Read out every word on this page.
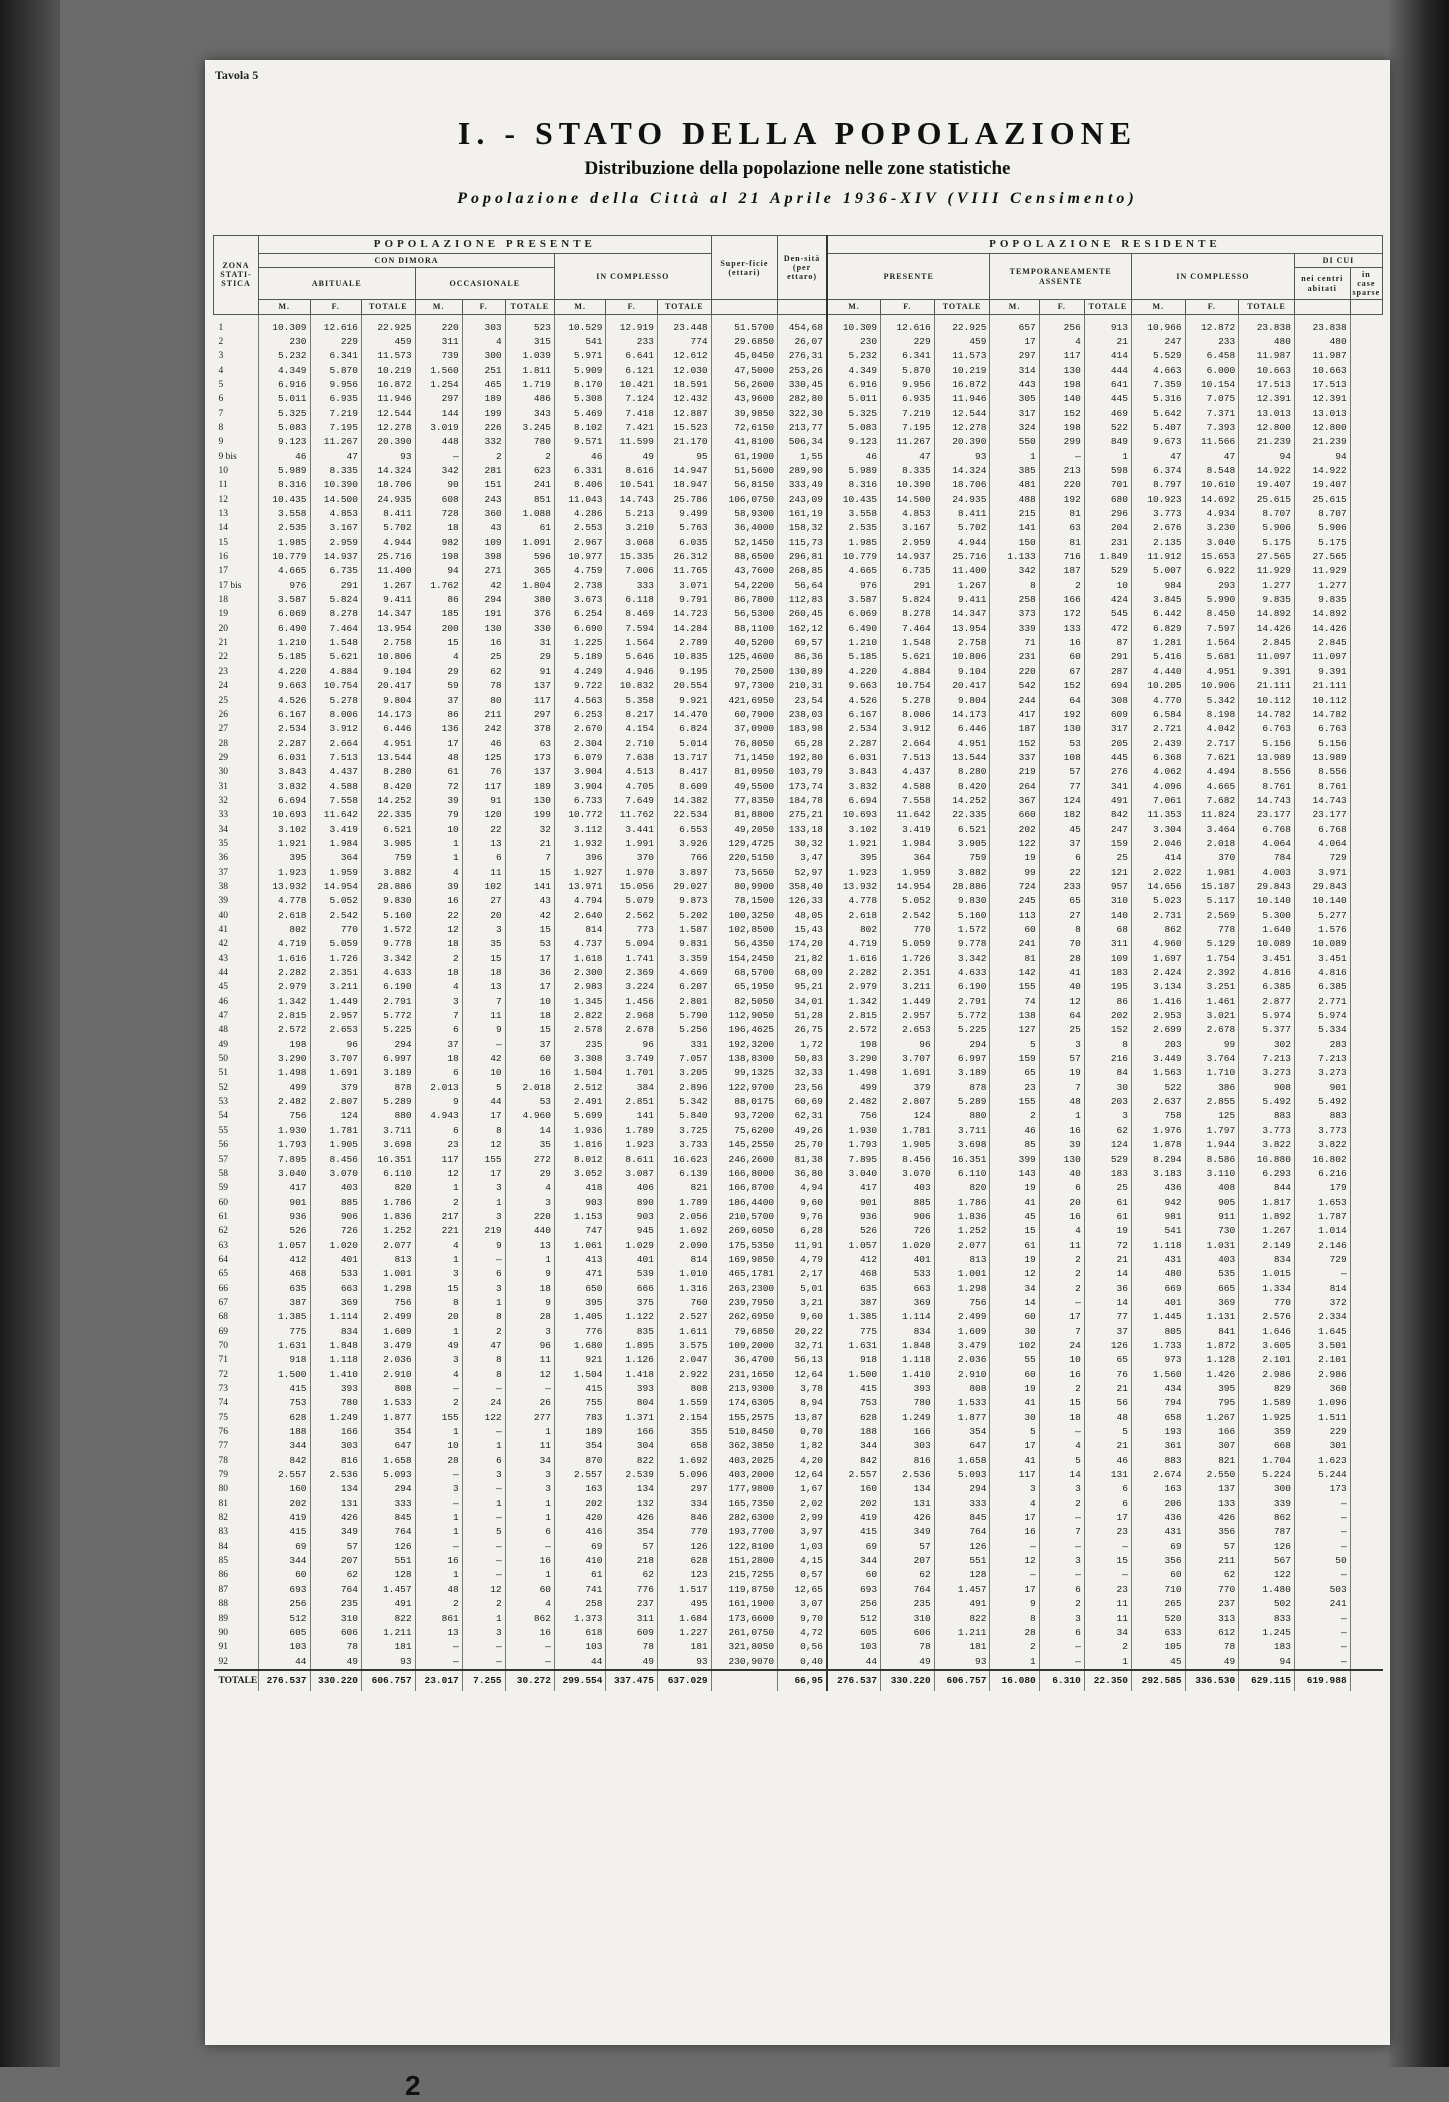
Tavola 5
I. - STATO DELLA POPOLAZIONE
Distribuzione della popolazione nelle zone statistiche
Popolazione della Città al 21 Aprile 1936-XIV (VIII Censimento)
ZONA STATI-STICA	POPOLAZIONE PRESENTE									Super-ficie (ettari)	Den-sità (per ettaro)	POPOLAZIONE RESIDENTE										
	CON DIMORA						IN COMPLESSO					PRESENTE			TEMPORANEAMENTE ASSENTE			IN COMPLESSO			DI CUI	
	ABITUALE			OCCASIONALE																	nei centri abitati	in case sparse
	M.	F.	TOTALE	M.	F.	TOTALE	M.	F.	TOTALE			M.	F.	TOTALE	M.	F.	TOTALE	M.	F.	TOTALE		
1	10.309	12.616	22.925	220	303	523	10.529	12.919	23.448	51.5700	454,68	10.309	12.616	22.925	657	256	913	10.966	12.872	23.838	23.838	
2	230	229	459	311	4	315	541	233	774	29.6850	26,07	230	229	459	17	4	21	247	233	480	480	
3	5.232	6.341	11.573	739	300	1.039	5.971	6.641	12.612	45,0450	276,31	5.232	6.341	11.573	297	117	414	5.529	6.458	11.987	11.987	
4	4.349	5.870	10.219	1.560	251	1.811	5.909	6.121	12.030	47,5000	253,26	4.349	5.870	10.219	314	130	444	4.663	6.000	10.663	10.663	
5	6.916	9.956	16.872	1.254	465	1.719	8.170	10.421	18.591	56,2600	330,45	6.916	9.956	16.872	443	198	641	7.359	10.154	17.513	17.513	
6	5.011	6.935	11.946	297	189	486	5.308	7.124	12.432	43,9600	282,80	5.011	6.935	11.946	305	140	445	5.316	7.075	12.391	12.391	
7	5.325	7.219	12.544	144	199	343	5.469	7.418	12.887	39,9850	322,30	5.325	7.219	12.544	317	152	469	5.642	7.371	13.013	13.013	
8	5.083	7.195	12.278	3.019	226	3.245	8.102	7.421	15.523	72,6150	213,77	5.083	7.195	12.278	324	198	522	5.407	7.393	12.800	12.800	
9	9.123	11.267	20.390	448	332	780	9.571	11.599	21.170	41,8100	506,34	9.123	11.267	20.390	550	299	849	9.673	11.566	21.239	21.239	
9 bis	46	47	93	—	2	2	46	49	95	61,1900	1,55	46	47	93	1	—	1	47	47	94	94	
10	5.989	8.335	14.324	342	281	623	6.331	8.616	14.947	51,5600	289,90	5.989	8.335	14.324	385	213	598	6.374	8.548	14.922	14.922	
11	8.316	10.390	18.706	90	151	241	8.406	10.541	18.947	56,8150	333,49	8.316	10.390	18.706	481	220	701	8.797	10.610	19.407	19.407	
12	10.435	14.500	24.935	608	243	851	11.043	14.743	25.786	106,0750	243,09	10.435	14.500	24.935	488	192	680	10.923	14.692	25.615	25.615	
13	3.558	4.853	8.411	728	360	1.088	4.286	5.213	9.499	58,9300	161,19	3.558	4.853	8.411	215	81	296	3.773	4.934	8.707	8.707	
14	2.535	3.167	5.702	18	43	61	2.553	3.210	5.763	36,4000	158,32	2.535	3.167	5.702	141	63	204	2.676	3.230	5.906	5.906	
15	1.985	2.959	4.944	982	109	1.091	2.967	3.068	6.035	52,1450	115,73	1.985	2.959	4.944	150	81	231	2.135	3.040	5.175	5.175	
16	10.779	14.937	25.716	198	398	596	10.977	15.335	26.312	88,6500	296,81	10.779	14.937	25.716	1.133	716	1.849	11.912	15.653	27.565	27.565	
17	4.665	6.735	11.400	94	271	365	4.759	7.006	11.765	43,7600	268,85	4.665	6.735	11.400	342	187	529	5.007	6.922	11.929	11.929	
17 bis	976	291	1.267	1.762	42	1.804	2.738	333	3.071	54,2200	56,64	976	291	1.267	8	2	10	984	293	1.277	1.277	
18	3.587	5.824	9.411	86	294	380	3.673	6.118	9.791	86,7800	112,83	3.587	5.824	9.411	258	166	424	3.845	5.990	9.835	9.835	
19	6.069	8.278	14.347	185	191	376	6.254	8.469	14.723	56,5300	260,45	6.069	8.278	14.347	373	172	545	6.442	8.450	14.892	14.892	
20	6.490	7.464	13.954	200	130	330	6.690	7.594	14.284	88,1100	162,12	6.490	7.464	13.954	339	133	472	6.829	7.597	14.426	14.426	
21	1.210	1.548	2.758	15	16	31	1.225	1.564	2.789	40,5200	69,57	1.210	1.548	2.758	71	16	87	1.281	1.564	2.845	2.845	
22	5.185	5.621	10.806	4	25	29	5.189	5.646	10.835	125,4600	86,36	5.185	5.621	10.806	231	60	291	5.416	5.681	11.097	11.097	
23	4.220	4.884	9.104	29	62	91	4.249	4.946	9.195	70,2500	130,89	4.220	4.884	9.104	220	67	287	4.440	4.951	9.391	9.391	
24	9.663	10.754	20.417	59	78	137	9.722	10.832	20.554	97,7300	210,31	9.663	10.754	20.417	542	152	694	10.205	10.906	21.111	21.111	
25	4.526	5.278	9.804	37	80	117	4.563	5.358	9.921	421,6950	23,54	4.526	5.278	9.804	244	64	308	4.770	5.342	10.112	10.112	
26	6.167	8.006	14.173	86	211	297	6.253	8.217	14.470	60,7900	238,03	6.167	8.006	14.173	417	192	609	6.584	8.198	14.782	14.782	
27	2.534	3.912	6.446	136	242	378	2.670	4.154	6.824	37,0900	183,98	2.534	3.912	6.446	187	130	317	2.721	4.042	6.763	6.763	
28	2.287	2.664	4.951	17	46	63	2.304	2.710	5.014	76,8050	65,28	2.287	2.664	4.951	152	53	205	2.439	2.717	5.156	5.156	
29	6.031	7.513	13.544	48	125	173	6.079	7.638	13.717	71,1450	192,80	6.031	7.513	13.544	337	108	445	6.368	7.621	13.989	13.989	
30	3.843	4.437	8.280	61	76	137	3.904	4.513	8.417	81,0950	103,79	3.843	4.437	8.280	219	57	276	4.062	4.494	8.556	8.556	
31	3.832	4.588	8.420	72	117	189	3.904	4.705	8.609	49,5500	173,74	3.832	4.588	8.420	264	77	341	4.096	4.665	8.761	8.761	
32	6.694	7.558	14.252	39	91	130	6.733	7.649	14.382	77,8350	184,78	6.694	7.558	14.252	367	124	491	7.061	7.682	14.743	14.743	
33	10.693	11.642	22.335	79	120	199	10.772	11.762	22.534	81,8800	275,21	10.693	11.642	22.335	660	182	842	11.353	11.824	23.177	23.177	
34	3.102	3.419	6.521	10	22	32	3.112	3.441	6.553	49,2050	133,18	3.102	3.419	6.521	202	45	247	3.304	3.464	6.768	6.768	
35	1.921	1.984	3.905	1	13	21	1.932	1.991	3.926	129,4725	30,32	1.921	1.984	3.905	122	37	159	2.046	2.018	4.064	4.064	
36	395	364	759	1	6	7	396	370	766	220,5150	3,47	395	364	759	19	6	25	414	370	784	729	
37	1.923	1.959	3.882	4	11	15	1.927	1.970	3.897	73,5650	52,97	1.923	1.959	3.882	99	22	121	2.022	1.981	4.003	3.971	
38	13.932	14.954	28.886	39	102	141	13.971	15.056	29.027	80,9900	358,40	13.932	14.954	28.886	724	233	957	14.656	15.187	29.843	29.843	
39	4.778	5.052	9.830	16	27	43	4.794	5.079	9.873	78,1500	126,33	4.778	5.052	9.830	245	65	310	5.023	5.117	10.140	10.140	
40	2.618	2.542	5.160	22	20	42	2.640	2.562	5.202	100,3250	48,05	2.618	2.542	5.160	113	27	140	2.731	2.569	5.300	5.277	
41	802	770	1.572	12	3	15	814	773	1.587	102,8500	15,43	802	770	1.572	60	8	68	862	778	1.640	1.576	
42	4.719	5.059	9.778	18	35	53	4.737	5.094	9.831	56,4350	174,20	4.719	5.059	9.778	241	70	311	4.960	5.129	10.089	10.089	
43	1.616	1.726	3.342	2	15	17	1.618	1.741	3.359	154,2450	21,82	1.616	1.726	3.342	81	28	109	1.697	1.754	3.451	3.451	
44	2.282	2.351	4.633	18	18	36	2.300	2.369	4.669	68,5700	68,09	2.282	2.351	4.633	142	41	183	2.424	2.392	4.816	4.816	
45	2.979	3.211	6.190	4	13	17	2.983	3.224	6.207	65,1950	95,21	2.979	3.211	6.190	155	40	195	3.134	3.251	6.385	6.385	
46	1.342	1.449	2.791	3	7	10	1.345	1.456	2.801	82,5050	34,01	1.342	1.449	2.791	74	12	86	1.416	1.461	2.877	2.771	
47	2.815	2.957	5.772	7	11	18	2.822	2.968	5.790	112,9050	51,28	2.815	2.957	5.772	138	64	202	2.953	3.021	5.974	5.974	
48	2.572	2.653	5.225	6	9	15	2.578	2.678	5.256	196,4625	26,75	2.572	2.653	5.225	127	25	152	2.699	2.678	5.377	5.334	
49	198	96	294	37	—	37	235	96	331	192,3200	1,72	198	96	294	5	3	8	203	99	302	283	
50	3.290	3.707	6.997	18	42	60	3.308	3.749	7.057	138,8300	50,83	3.290	3.707	6.997	159	57	216	3.449	3.764	7.213	7.213	
51	1.498	1.691	3.189	6	10	16	1.504	1.701	3.205	99,1325	32,33	1.498	1.691	3.189	65	19	84	1.563	1.710	3.273	3.273	
52	499	379	878	2.013	5	2.018	2.512	384	2.896	122,9700	23,56	499	379	878	23	7	30	522	386	908	901	
53	2.482	2.807	5.289	9	44	53	2.491	2.851	5.342	88,0175	60,69	2.482	2.807	5.289	155	48	203	2.637	2.855	5.492	5.492	
54	756	124	880	4.943	17	4.960	5.699	141	5.840	93,7200	62,31	756	124	880	2	1	3	758	125	883	883	
55	1.930	1.781	3.711	6	8	14	1.936	1.789	3.725	75,6200	49,26	1.930	1.781	3.711	46	16	62	1.976	1.797	3.773	3.773	
56	1.793	1.905	3.698	23	12	35	1.816	1.923	3.733	145,2550	25,70	1.793	1.905	3.698	85	39	124	1.878	1.944	3.822	3.822	
57	7.895	8.456	16.351	117	155	272	8.012	8.611	16.623	246,2600	81,38	7.895	8.456	16.351	399	130	529	8.294	8.586	16.880	16.802	
58	3.040	3.070	6.110	12	17	29	3.052	3.087	6.139	166,8000	36,80	3.040	3.070	6.110	143	40	183	3.183	3.110	6.293	6.216	
59	417	403	820	1	3	4	418	406	821	166,8700	4,94	417	403	820	19	6	25	436	408	844	179	
60	901	885	1.786	2	1	3	903	890	1.789	186,4400	9,60	901	885	1.786	41	20	61	942	905	1.817	1.653	
61	936	906	1.836	217	3	220	1.153	903	2.056	210,5700	9,76	936	906	1.836	45	16	61	981	911	1.892	1.787	
62	526	726	1.252	221	219	440	747	945	1.692	269,6050	6,28	526	726	1.252	15	4	19	541	730	1.267	1.014	
63	1.057	1.020	2.077	4	9	13	1.061	1.029	2.090	175,5350	11,91	1.057	1.020	2.077	61	11	72	1.118	1.031	2.149	2.146	
64	412	401	813	1	—	1	413	401	814	169,9850	4,79	412	401	813	19	2	21	431	403	834	729	
65	468	533	1.001	3	6	9	471	539	1.010	465,1781	2,17	468	533	1.001	12	2	14	480	535	1.015	—	
66	635	663	1.298	15	3	18	650	666	1.316	263,2300	5,01	635	663	1.298	34	2	36	669	665	1.334	814	
67	387	369	756	8	1	9	395	375	760	239,7950	3,21	387	369	756	14	—	14	401	369	770	372	
68	1.385	1.114	2.499	20	8	28	1.405	1.122	2.527	262,6950	9,60	1.385	1.114	2.499	60	17	77	1.445	1.131	2.576	2.334	
69	775	834	1.609	1	2	3	776	835	1.611	79,6850	20,22	775	834	1.609	30	7	37	805	841	1.646	1.645	
70	1.631	1.848	3.479	49	47	96	1.680	1.895	3.575	109,2000	32,71	1.631	1.848	3.479	102	24	126	1.733	1.872	3.605	3.501	
71	918	1.118	2.036	3	8	11	921	1.126	2.047	36,4700	56,13	918	1.118	2.036	55	10	65	973	1.128	2.101	2.101	
72	1.500	1.410	2.910	4	8	12	1.504	1.418	2.922	231,1650	12,64	1.500	1.410	2.910	60	16	76	1.560	1.426	2.986	2.986	
73	415	393	808	—	—	—	415	393	808	213,9300	3,78	415	393	808	19	2	21	434	395	829	360	
74	753	780	1.533	2	24	26	755	804	1.559	174,6305	8,94	753	780	1.533	41	15	56	794	795	1.589	1.096	
75	628	1.249	1.877	155	122	277	783	1.371	2.154	155,2575	13,87	628	1.249	1.877	30	18	48	658	1.267	1.925	1.511	
76	188	166	354	1	—	1	189	166	355	510,8450	0,70	188	166	354	5	—	5	193	166	359	229	
77	344	303	647	10	1	11	354	304	658	362,3850	1,82	344	303	647	17	4	21	361	307	668	301	
78	842	816	1.658	28	6	34	870	822	1.692	403,2025	4,20	842	816	1.658	41	5	46	883	821	1.704	1.623	
79	2.557	2.536	5.093	—	3	3	2.557	2.539	5.096	403,2000	12,64	2.557	2.536	5.093	117	14	131	2.674	2.550	5.224	5.244	
80	160	134	294	3	—	3	163	134	297	177,9800	1,67	160	134	294	3	3	6	163	137	300	173	
81	202	131	333	—	1	1	202	132	334	165,7350	2,02	202	131	333	4	2	6	206	133	339	—	
82	419	426	845	1	—	1	420	426	846	282,6300	2,99	419	426	845	17	—	17	436	426	862	—	
83	415	349	764	1	5	6	416	354	770	193,7700	3,97	415	349	764	16	7	23	431	356	787	—	
84	69	57	126	—	—	—	69	57	126	122,8100	1,03	69	57	126	—	—	—	69	57	126	—	
85	344	207	551	16	—	16	410	218	628	151,2800	4,15	344	207	551	12	3	15	356	211	567	50	
86	60	62	128	1	—	1	61	62	123	215,7255	0,57	60	62	128	—	—	—	60	62	122	—	
87	693	764	1.457	48	12	60	741	776	1.517	119,8750	12,65	693	764	1.457	17	6	23	710	770	1.480	503	
88	256	235	491	2	2	4	258	237	495	161,1900	3,07	256	235	491	9	2	11	265	237	502	241	
89	512	310	822	861	1	862	1.373	311	1.684	173,6600	9,70	512	310	822	8	3	11	520	313	833	—	
90	605	606	1.211	13	3	16	618	609	1.227	261,0750	4,72	605	606	1.211	28	6	34	633	612	1.245	—	
91	103	78	181	—	—	—	103	78	181	321,8050	0,56	103	78	181	2	—	2	105	78	183	—	
92	44	49	93	—	—	—	44	49	93	230,9070	0,40	44	49	93	1	—	1	45	49	94	—	
TOTALE	276.537	330.220	606.757	23.017	7.255	30.272	299.554	337.475	637.029		66,95	276.537	330.220	606.757	16.080	6.310	22.350	292.585	336.530	629.115	619.988	
2
